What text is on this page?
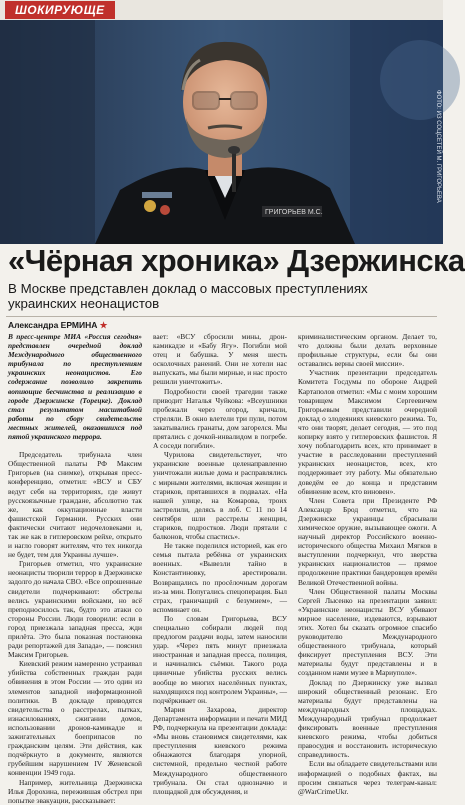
ШОКИРУЮЩЕ
ГРИГОРЬЕВ М.С.
ФОТО: ИЗ СОЦСЕТЕЙ М. ГРИГОРЬЕВА
«Чёрная хроника» Дзержинска
В Москве представлен доклад о массовых преступлениях украинских неонацистов
Александра ЕРМИНА ★

В пресс-центре МИА «Россия сегодня» представлен очередной доклад Международного общественного трибунала по преступлениям украинских неонацистов. Его содержание позволило закрепить вопиющие бесчинства и реализацию в городе Дзержинске (Торецке). Доклад стал результатом масштабной работы по сбору свидетельств местных жителей, оказавшихся под пятой украинского террора.

Председатель трибунала член Общественной палаты РФ Максим Григорьев (на снимке), открывая пресс-конференцию, отметил: «ВСУ и СБУ ведут себя на территориях, где живут русскоязычные граждане, абсолютно так же, как оккупационные власти фашистской Германии. Русских они фактически считают недочеловеками и, так же как в гитлеровском рейхе, открыто и нагло говорят жителям, что тех никогда не будет, тем для Украины лучше».

Григорьев отметил, что украинские неонацисты творили террор в Дзержинске задолго до начала СВО. «Все опрошенные свидетели подчеркивают: обстрелы велись украинскими войсками, но всё преподносилось так, будто это атаки со стороны России. Люди говорили: если в город приезжала западная пресса, жди прилёта. Это была показная постановка ради репортажей для Запада», — пояснил Максим Григорьев.

Киевский режим намеренно устраивал убийства собственных граждан ради обвинения в этом России — это один из элементов западной информационной политики. В докладе приводятся свидетельства о расстрелах, пытках, изнасилованиях, сжигании домов, использовании дронов-камикадзе и зажигательных боеприпасов по гражданским целям. Эти действия, как подчёркнуто в документе, являются грубейшим нарушением IV Женевской конвенции 1949 года.

Например, жительница Дзержинска Илья Дорохина, пережившая обстрел при попытке эвакуации, рассказывает:

вает: «ВСУ сбросили мины, дрон-камикадзе и «Бабу Ягу». Погибли мой отец и бабушка. У меня шесть осколочных ранений. Они не хотели нас выпускать, мы были мирные, и нас просто решили уничтожить».

Подробности своей трагедии также приводит Наталья Чуйкова: «Всеушники пробежали через огород, кричали, стреляли. В окно влетели три пули, потом закатывались гранаты, дом загорелся. Мы прятались с дочкой-инвалидом в погребе. А соседи погибли».

Чурилова свидетельствует, что украинские военные целенаправленно уничтожали жилые дома и расправлялись с мирными жителями, включая женщин и стариков, прятавшихся в подвалах. «На нашей улице, на Комарова, троих застрелили, делясь в лоб. С 11 по 14 сентября шли расстрелы женщин, стариков, подростков. Люди прятали с балконов, чтобы спастись».

Не также поделился историей, как его семья пытала ребёнка от украинских военных. «Вывезли тайно в Константиновку, арестировали. Возвращались по просёлочным дорогам из-за мин. Попугались спецоперация. Был страх, граничащий с безумием», — вспоминает он.

По словам Григорьева, ВСУ специально собирали людей под предлогом раздачи воды, затем наносили удар. «Через пять минут приезжала иностранная и западная пресса, полиция, и начинались съёмки. Такого рода циничные убийства русских велись вообще во многих населённых пунктах, находящихся под контролем Украины», — подчёркивает он.

Мария Захарова, директор Департамента информации и печати МИД РФ, подчеркнула на презентации доклада: «Мы вновь становимся свидетелями, как преступления киевского режима обнажаются благодаря упорной, системной, предельно честной работе Международного общественного трибунала. Он стал однозначно и площадкой для обсуждения, и

криминалистическим органом. Делает то, что должны были делать верховные профильные структуры, если бы они оставались верны своей миссии».

Участник презентации председатель Комитета Госдумы по обороне Андрей Картаполов отметил: «Мы с моим хорошим товарищем Максимом Сергеевичем Григорьевым представили очередной доклад о злодеяниях киевского режима. То, что они творят, делает сегодня, — это под копирку взято у гитлеровских фашистов. Я хочу поблагодарить всех, кто принимает в участие в расследовании преступлений украинских неонацистов, всех, кто поддерживает эту работу. Мы обязательно доведём ее до конца и представим обвинение всем, кто виновен».

Член Совета при Президенте РФ Александр Брод отметил, что на Дзержинске украинцы сбрасывали химическое оружие, вызывающее ожоги. А научный директор Российского военно-исторического общества Михаил Мягков в выступлении подчеркнул, что зверства украинских националистов — прямое продолжение практики бандеровцев времён Великой Отечественной войны.

Член Общественной палаты Москвы Сергей Лысенко на презентации заявил: «Украинские неонацисты ВСУ убивают мирное население, издеваются, взрывают этих. Хотел бы сказать огромное спасибо руководителю Международного общественного трибунала, который фиксирует преступления ВСУ. Эти материалы будут представлены и в созданном нами музее в Мариуполе».

Доклад по Дзержинску уже вызвал широкий общественный резонанс. Его материалы будут представлены на международных площадках. Международный трибунал продолжает фиксировать военные преступления киевского режима, чтобы добиться правосудия и восстановить историческую справедливость.

Если вы обладаете свидетельствами или информацией о подобных фактах, вы просим связаться через телеграм-канал: @WarCrimeUkr.
